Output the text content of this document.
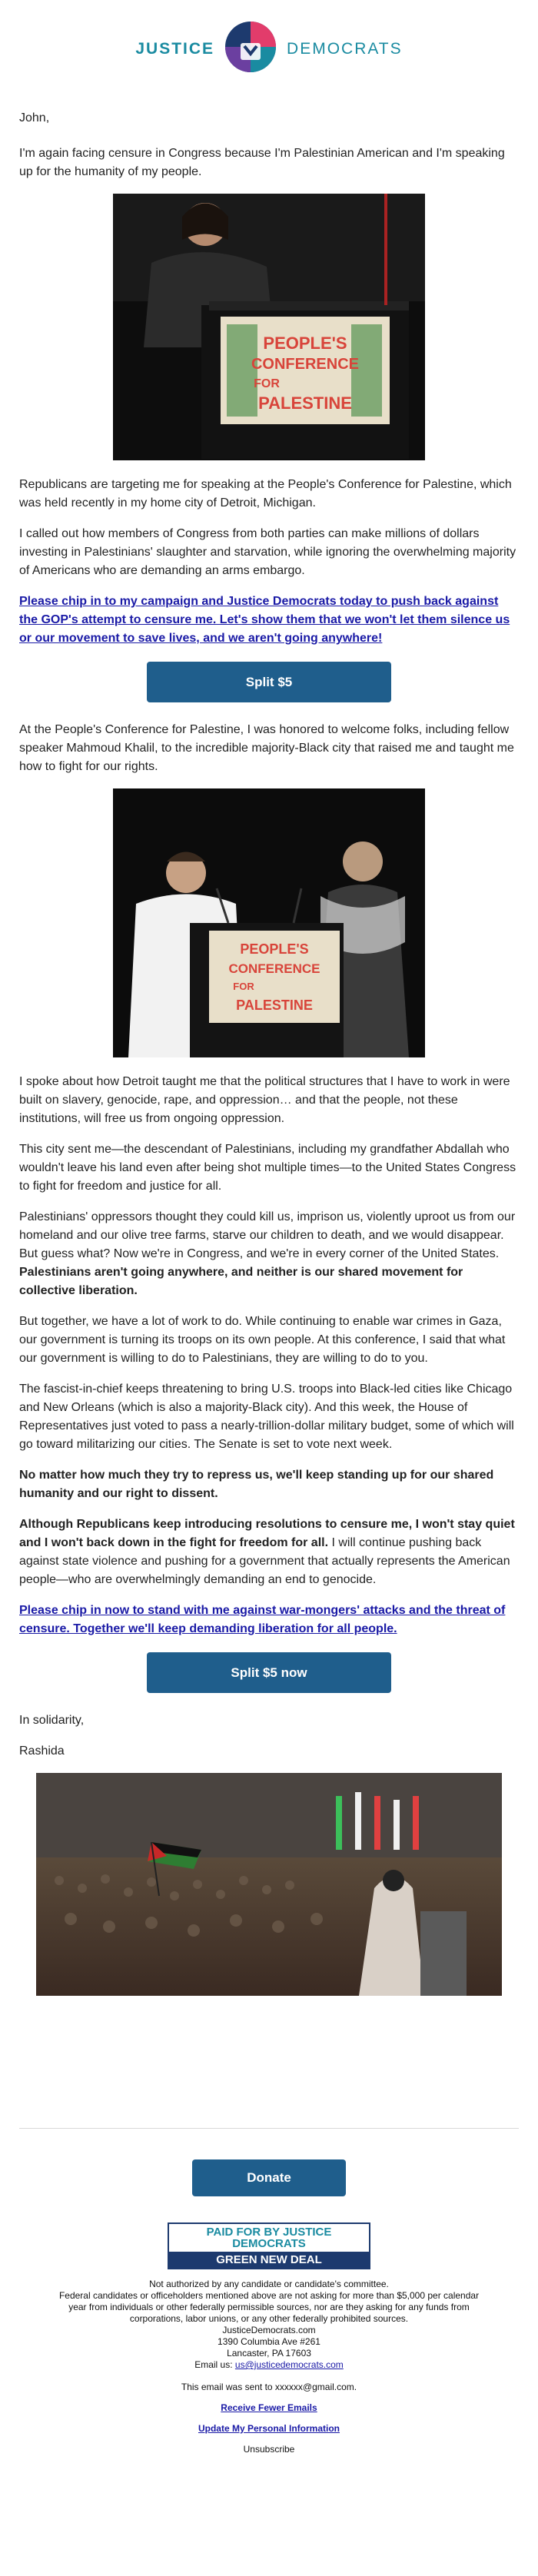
JUSTICE	DEMOCRATS

John,

I'm again facing censure in Congress because I'm Palestinian American and I'm speaking up for the humanity of my people.

PEOPLE'S
CONFERENCE
FOR
PALESTINE

Republicans are targeting me for speaking at the People's Conference for Palestine, which was held recently in my home city of Detroit, Michigan.

I called out how members of Congress from both parties can make millions of dollars investing in Palestinians' slaughter and starvation, while ignoring the overwhelming majority of Americans who are demanding an arms embargo.

Please chip in to my campaign and Justice Democrats today to push back against the GOP's attempt to censure me. Let's show them that we won't let them silence us or our movement to save lives, and we aren't going anywhere!

Split $5

At the People's Conference for Palestine, I was honored to welcome folks, including fellow speaker Mahmoud Khalil, to the incredible majority-Black city that raised me and taught me how to fight for our rights.

PEOPLE'S
CONFERENCE
FOR
PALESTINE

I spoke about how Detroit taught me that the political structures that I have to work in were built on slavery, genocide, rape, and oppression… and that the people, not these institutions, will free us from ongoing oppression.

This city sent me—the descendant of Palestinians, including my grandfather Abdallah who wouldn't leave his land even after being shot multiple times—to the United States Congress to fight for freedom and justice for all.

Palestinians' oppressors thought they could kill us, imprison us, violently uproot us from our homeland and our olive tree farms, starve our children to death, and we would disappear. But guess what? Now we're in Congress, and we're in every corner of the United States. Palestinians aren't going anywhere, and neither is our shared movement for collective liberation.

But together, we have a lot of work to do. While continuing to enable war crimes in Gaza, our government is turning its troops on its own people. At this conference, I said that what our government is willing to do to Palestinians, they are willing to do to you.

The fascist-in-chief keeps threatening to bring U.S. troops into Black-led cities like Chicago and New Orleans (which is also a majority-Black city). And this week, the House of Representatives just voted to pass a nearly-trillion-dollar military budget, some of which will go toward militarizing our cities. The Senate is set to vote next week.

No matter how much they try to repress us, we'll keep standing up for our shared humanity and our right to dissent.

Although Republicans keep introducing resolutions to censure me, I won't stay quiet and I won't back down in the fight for freedom for all. I will continue pushing back against state violence and pushing for a government that actually represents the American people—who are overwhelmingly demanding an end to genocide.

Please chip in now to stand with me against war-mongers' attacks and the threat of censure. Together we'll keep demanding liberation for all people.

Split $5 now

In solidarity,

Rashida

Donate
PAID FOR BY JUSTICE DEMOCRATS
GREEN NEW DEAL
Not authorized by any candidate or candidate's committee.
Federal candidates or officeholders mentioned above are not asking for more than $5,000 per calendar year from individuals or other federally permissible sources, nor are they asking for any funds from corporations, labor unions, or any other federally prohibited sources.
JusticeDemocrats.com
1390 Columbia Ave #261
Lancaster, PA 17603
Email us: us@justicedemocrats.com
This email was sent to xxxxxx@gmail.com.
Receive Fewer Emails
Update My Personal Information
Unsubscribe
